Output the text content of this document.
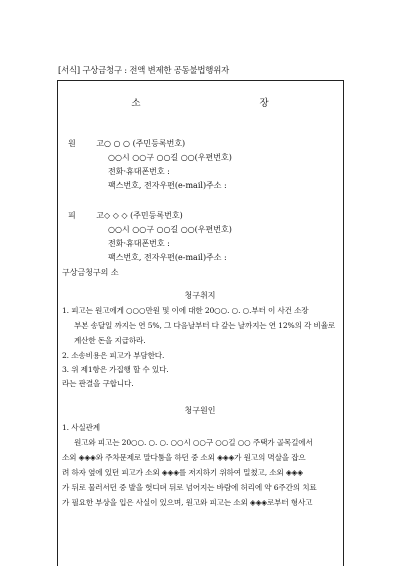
[서식] 구상금청구 : 전액 변제한 공동불법행위자
소 장
원 고○ ○ ○ (주민등록번호)
○○시 ○○구 ○○길 ○○(우편번호)
전화·휴대폰번호 :
팩스번호, 전자우편(e-mail)주소 :
피 고◇ ◇ ◇ (주민등록번호)
○○시 ○○구 ○○길 ○○(우편번호)
전화·휴대폰번호 :
팩스번호, 전자우편(e-mail)주소 :
구상금청구의 소
청구취지
1. 피고는 원고에게 ○○○만원 및 이에 대한 20○○. ○. ○.부터 이 사건 소장
부본 송달일 까지는 연 5%, 그 다음날부터 다 갚는 날까지는 연 12%의 각 비율로
계산한 돈을 지급하라.
2. 소송비용은 피고가 부담한다.
3. 위 제1항은 가집행 할 수 있다.
라는 판결을 구합니다.
청구원인
1. 사실관계
원고와 피고는 20○○. ○. ○. ○○시 ○○구 ○○길 ○○ 주택가 골목길에서
소외 ◈◈◈와 주차문제로 말다툼을 하던 중 소외 ◈◈◈가 원고의 멱살을 잡으
려 하자 옆에 있던 피고가 소외 ◈◈◈를 저지하기 위하여 밀쳤고, 소외 ◈◈◈
가 뒤로 물러서던 중 발을 헛디뎌 뒤로 넘어지는 바람에 허리에 약 6주간의 치료
가 필요한 부상을 입은 사실이 있으며, 원고와 피고는 소외 ◈◈◈로부터 형사고
